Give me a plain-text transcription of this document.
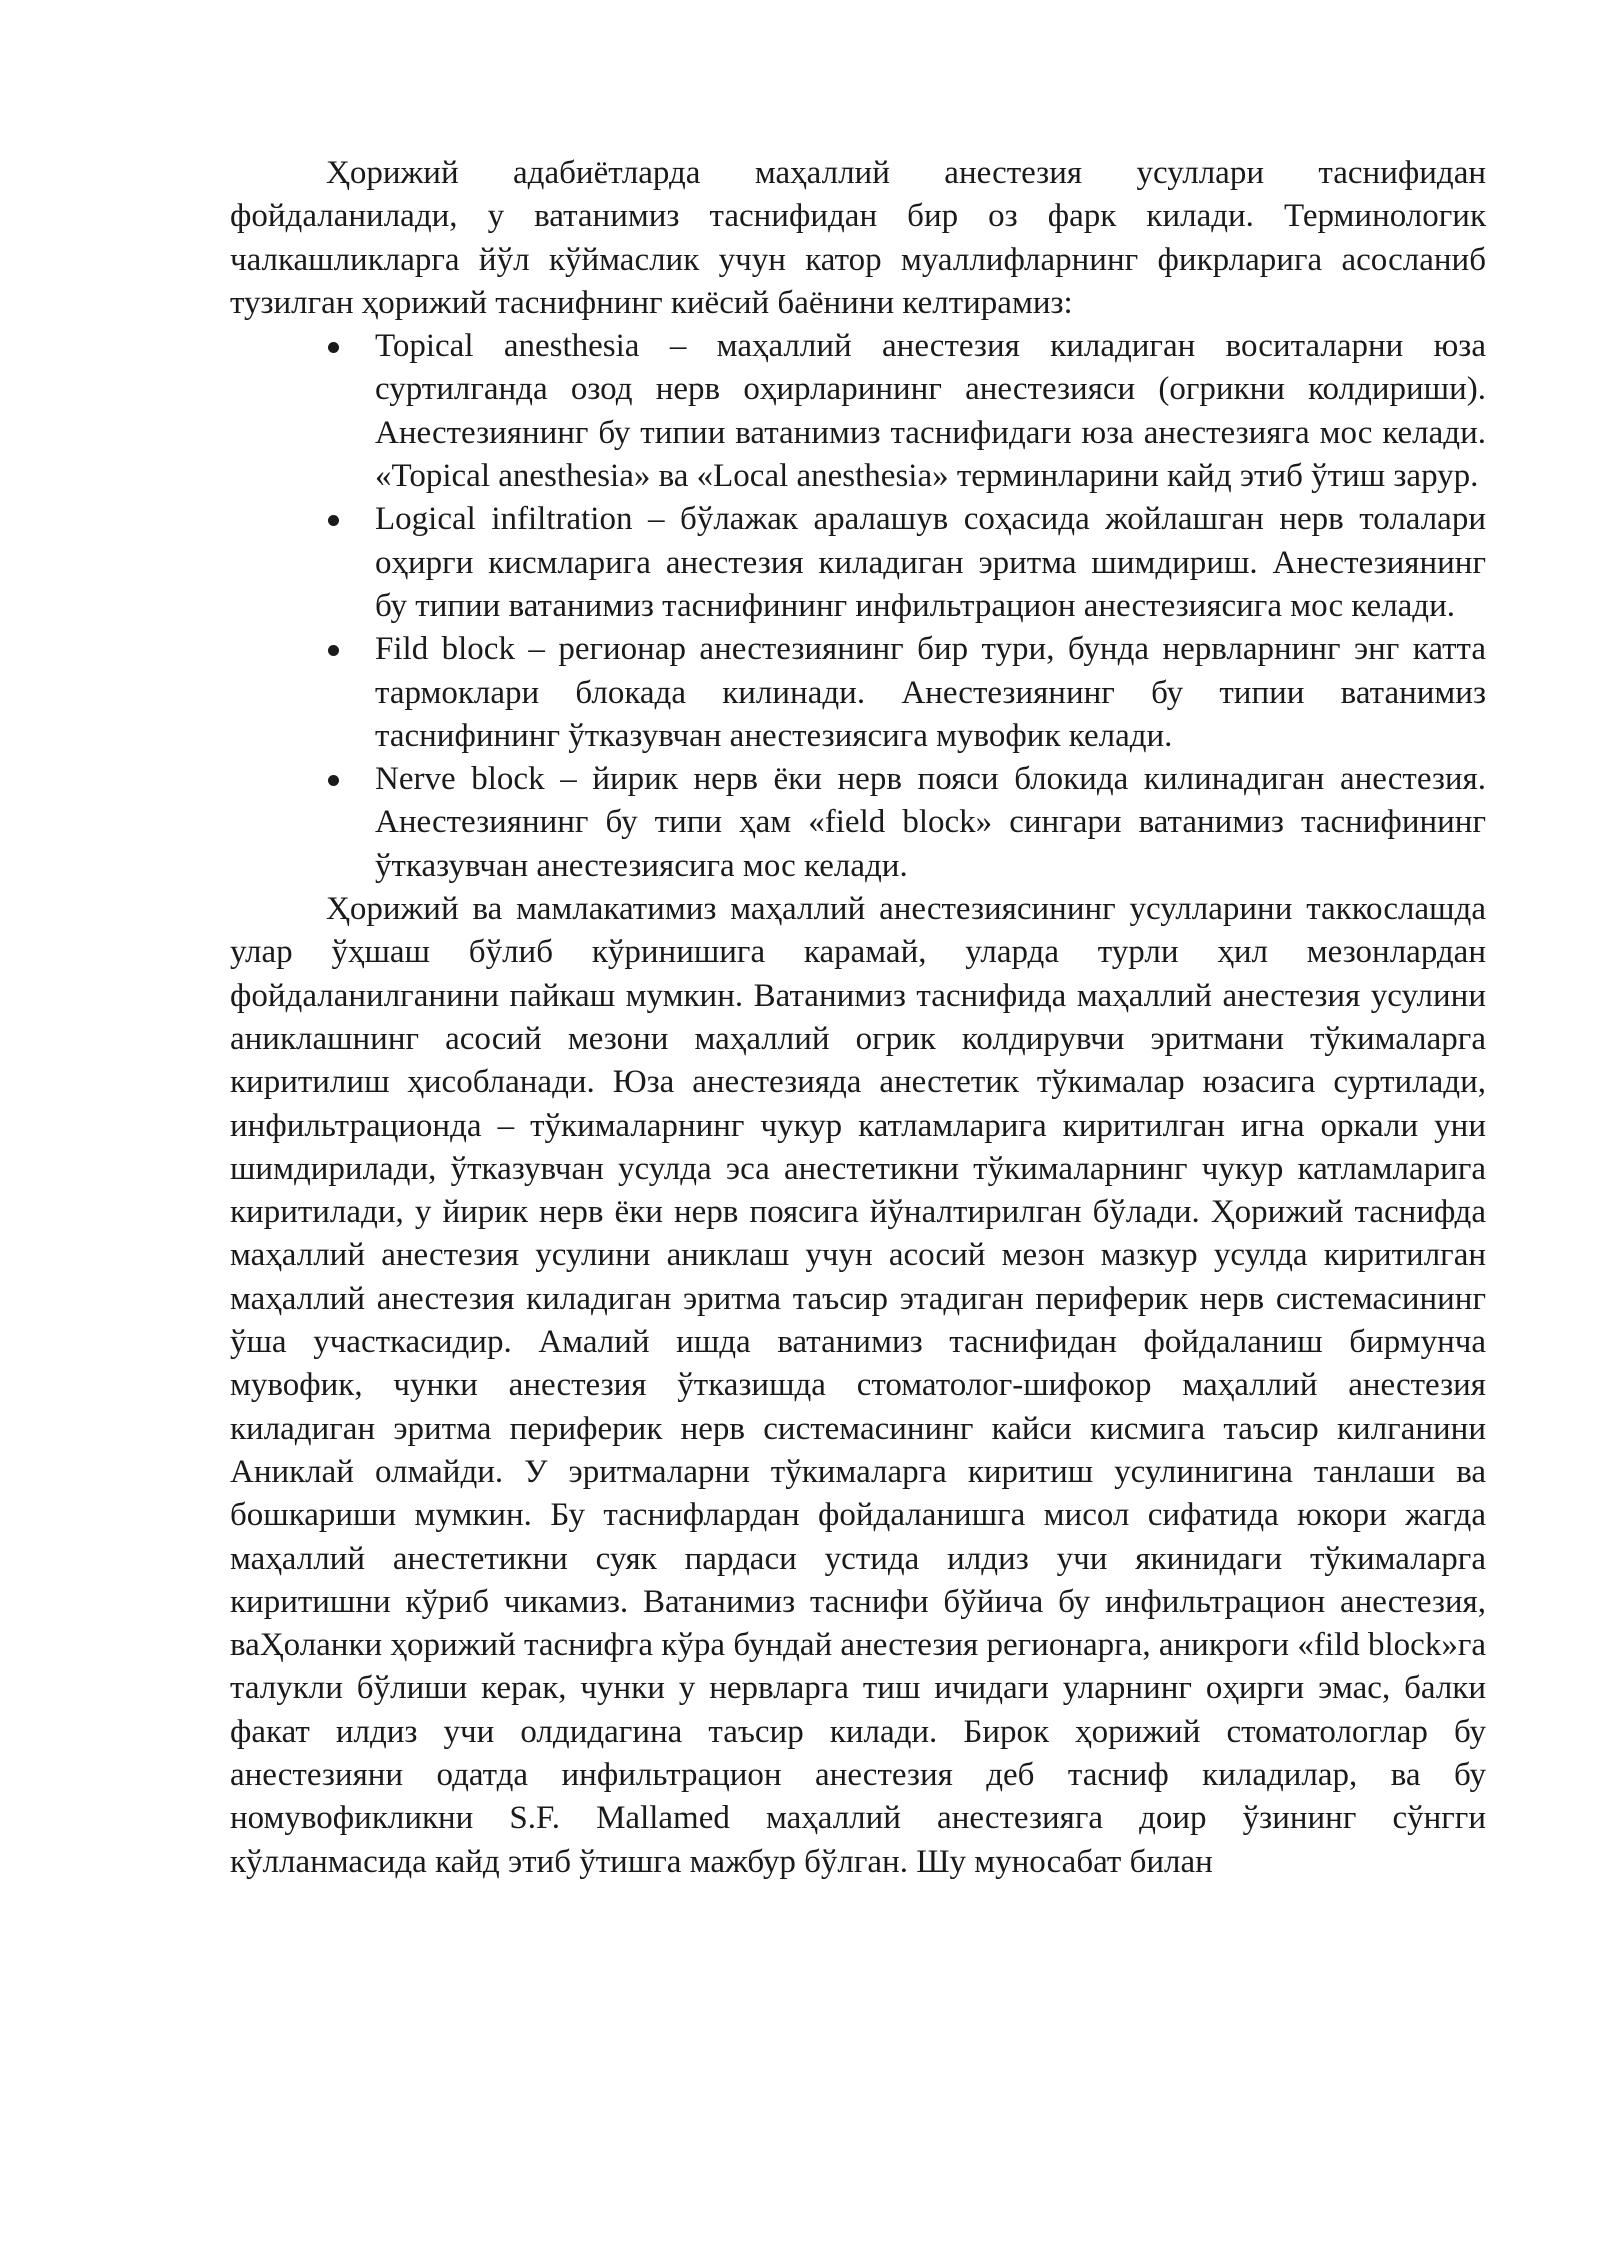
Ҳорижий адабиётларда маҳаллий анестезия усуллари таснифидан фойдаланилади, у ватанимиз таснифидан бир оз фарк килади. Терминологик чалкашликларга йўл кўймаслик учун катор муаллифларнинг фикрларига асосланиб тузилган ҳорижий таснифнинг киёсий баёнини келтирамиз:

Topical anesthesia – маҳаллий анестезия киладиган воситаларни юза суртилганда озод нерв оҳирларининг анестезияси (огрикни колдириши). Анестезиянинг бу типии ватанимиз таснифидаги юза анестезияга мос келади. «Topical anesthesia» ва «Local anesthesia» терминларини кайд этиб ўтиш зарур.
Logical infiltration – бўлажак аралашув соҳасида жойлашган нерв толалари оҳирги кисмларига анестезия киладиган эритма шимдириш. Анестезиянинг бу типии ватанимиз таснифининг инфильтрацион анестезиясига мос келади.
Fild block – регионар анестезиянинг бир тури, бунда нервларнинг энг катта тармоклари блокада килинади. Анестезиянинг бу типии ватанимиз таснифининг ўтказувчан анестезиясига мувофик келади.
Nerve block – йирик нерв ёки нерв пояси блокида килинадиган анестезия. Анестезиянинг бу типи ҳам «field block» сингари ватанимиз таснифининг ўтказувчан анестезиясига мос келади.

Ҳорижий ва мамлакатимиз маҳаллий анестезиясининг усулларини таккослашда улар ўҳшаш бўлиб кўринишига карамай, уларда турли ҳил мезонлардан фойдаланилганини пайкаш мумкин. Ватанимиз таснифида маҳаллий анестезия усулини аниклашнинг асосий мезони маҳаллий огрик колдирувчи эритмани тўкималарга киритилиш ҳисобланади. Юза анестезияда анестетик тўкималар юзасига суртилади, инфильтрационда – тўкималарнинг чукур катламларига киритилган игна оркали уни шимдирилади, ўтказувчан усулда эса анестетикни тўкималарнинг чукур катламларига киритилади, у йирик нерв ёки нерв поясига йўналтирилган бўлади. Ҳорижий таснифда маҳаллий анестезия усулини аниклаш учун асосий мезон мазкур усулда киритилган маҳаллий анестезия киладиган эритма таъсир этадиган периферик нерв системасининг ўша участкасидир. Амалий ишда ватанимиз таснифидан фойдаланиш бирмунча мувофик, чунки анестезия ўтказишда стоматолог-шифокор маҳаллий анестезия киладиган эритма периферик нерв системасининг кайси кисмига таъсир килганини Аниклай олмайди. У эритмаларни тўкималарга киритиш усулинигина танлаши ва бошкариши мумкин. Бу таснифлардан фойдаланишга мисол сифатида юкори жагда маҳаллий анестетикни суяк пардаси устида илдиз учи якинидаги тўкималарга киритишни кўриб чикамиз. Ватанимиз таснифи бўйича бу инфильтрацион анестезия, ваҲоланки ҳорижий таснифга кўра бундай анестезия регионарга, аникроги «fild block»га талукли бўлиши керак, чунки у нервларга тиш ичидаги уларнинг оҳирги эмас, балки факат илдиз учи олдидагина таъсир килади. Бирок ҳорижий стоматологлар бу анестезияни одатда инфильтрацион анестезия деб тасниф киладилар, ва бу номувофикликни S.F. Mallamed маҳаллий анестезияга доир ўзининг сўнгги кўлланмасида кайд этиб ўтишга мажбур бўлган. Шу муносабат билан
